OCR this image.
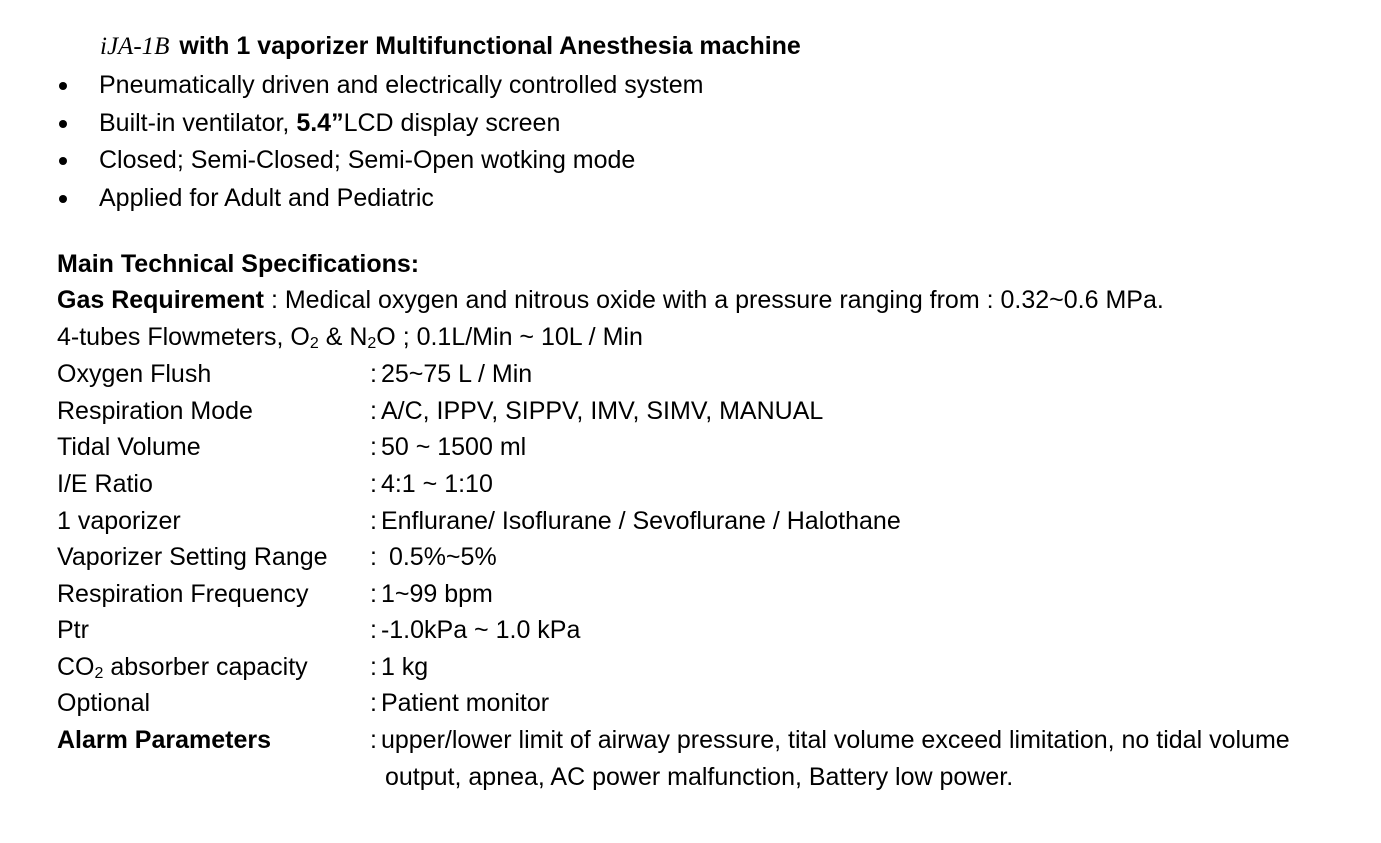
iJA-1B with 1 vaporizer Multifunctional Anesthesia machine
Pneumatically driven and electrically controlled system
Built-in ventilator, 5.4”LCD display screen
Closed; Semi-Closed; Semi-Open wotking mode
Applied for Adult and Pediatric
Main Technical Specifications:
Gas Requirement : Medical oxygen and nitrous oxide with a pressure ranging from : 0.32~0.6 MPa.
4-tubes Flowmeters, $O_2$ & $N_2O$ ; 0.1L/Min ~ 10L / Min
Oxygen Flush	: 25~75 L / Min
Respiration Mode	: A/C, IPPV, SIPPV, IMV, SIMV, MANUAL
Tidal Volume	: 50 ~ 1500 ml
I/E Ratio	: 4:1 ~ 1:10
1 vaporizer	: Enflurane/ Isoflurane / Sevoflurane / Halothane
Vaporizer Setting Range : 0.5%~5%
Respiration Frequency : 1~99 bpm
Ptr	: -1.0kPa ~ 1.0 kPa
$CO_2$ absorber capacity : 1 kg
Optional	: Patient monitor
Alarm Parameters	: upper/lower limit of airway pressure, tital volume exceed limitation, no tidal volume output, apnea, AC power malfunction, Battery low power.
